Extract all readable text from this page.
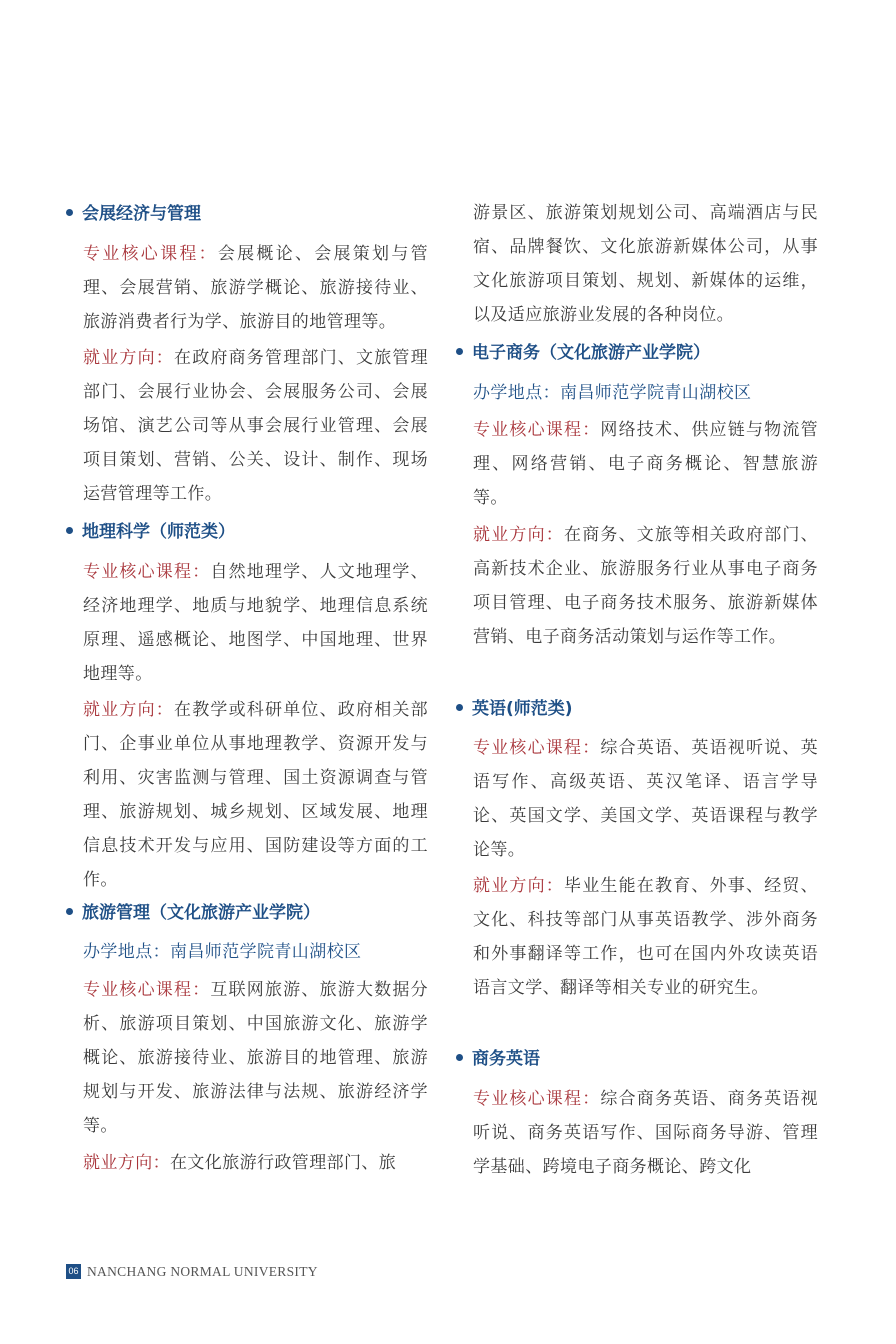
会展经济与管理

专业核心课程：会展概论、会展策划与管理、会展营销、旅游学概论、旅游接待业、旅游消费者行为学、旅游目的地管理等。

就业方向：在政府商务管理部门、文旅管理部门、会展行业协会、会展服务公司、会展场馆、演艺公司等从事会展行业管理、会展项目策划、营销、公关、设计、制作、现场运营管理等工作。

地理科学（师范类）

专业核心课程：自然地理学、人文地理学、经济地理学、地质与地貌学、地理信息系统原理、遥感概论、地图学、中国地理、世界地理等。

就业方向：在教学或科研单位、政府相关部门、企事业单位从事地理教学、资源开发与利用、灾害监测与管理、国土资源调查与管理、旅游规划、城乡规划、区域发展、地理信息技术开发与应用、国防建设等方面的工作。

旅游管理（文化旅游产业学院）

办学地点：南昌师范学院青山湖校区

专业核心课程：互联网旅游、旅游大数据分析、旅游项目策划、中国旅游文化、旅游学概论、旅游接待业、旅游目的地管理、旅游规划与开发、旅游法律与法规、旅游经济学等。

就业方向：在文化旅游行政管理部门、旅

游景区、旅游策划规划公司、高端酒店与民宿、品牌餐饮、文化旅游新媒体公司，从事文化旅游项目策划、规划、新媒体的运维，以及适应旅游业发展的各种岗位。

电子商务（文化旅游产业学院）

办学地点：南昌师范学院青山湖校区

专业核心课程：网络技术、供应链与物流管理、网络营销、电子商务概论、智慧旅游等。

就业方向：在商务、文旅等相关政府部门、高新技术企业、旅游服务行业从事电子商务项目管理、电子商务技术服务、旅游新媒体营销、电子商务活动策划与运作等工作。

英语(师范类)

专业核心课程：综合英语、英语视听说、英语写作、高级英语、英汉笔译、语言学导论、英国文学、美国文学、英语课程与教学论等。

就业方向：毕业生能在教育、外事、经贸、文化、科技等部门从事英语教学、涉外商务和外事翻译等工作，也可在国内外攻读英语语言文学、翻译等相关专业的研究生。

商务英语

专业核心课程：综合商务英语、商务英语视听说、商务英语写作、国际商务导游、管理学基础、跨境电子商务概论、跨文化

06 NANCHANG NORMAL UNIVERSITY
